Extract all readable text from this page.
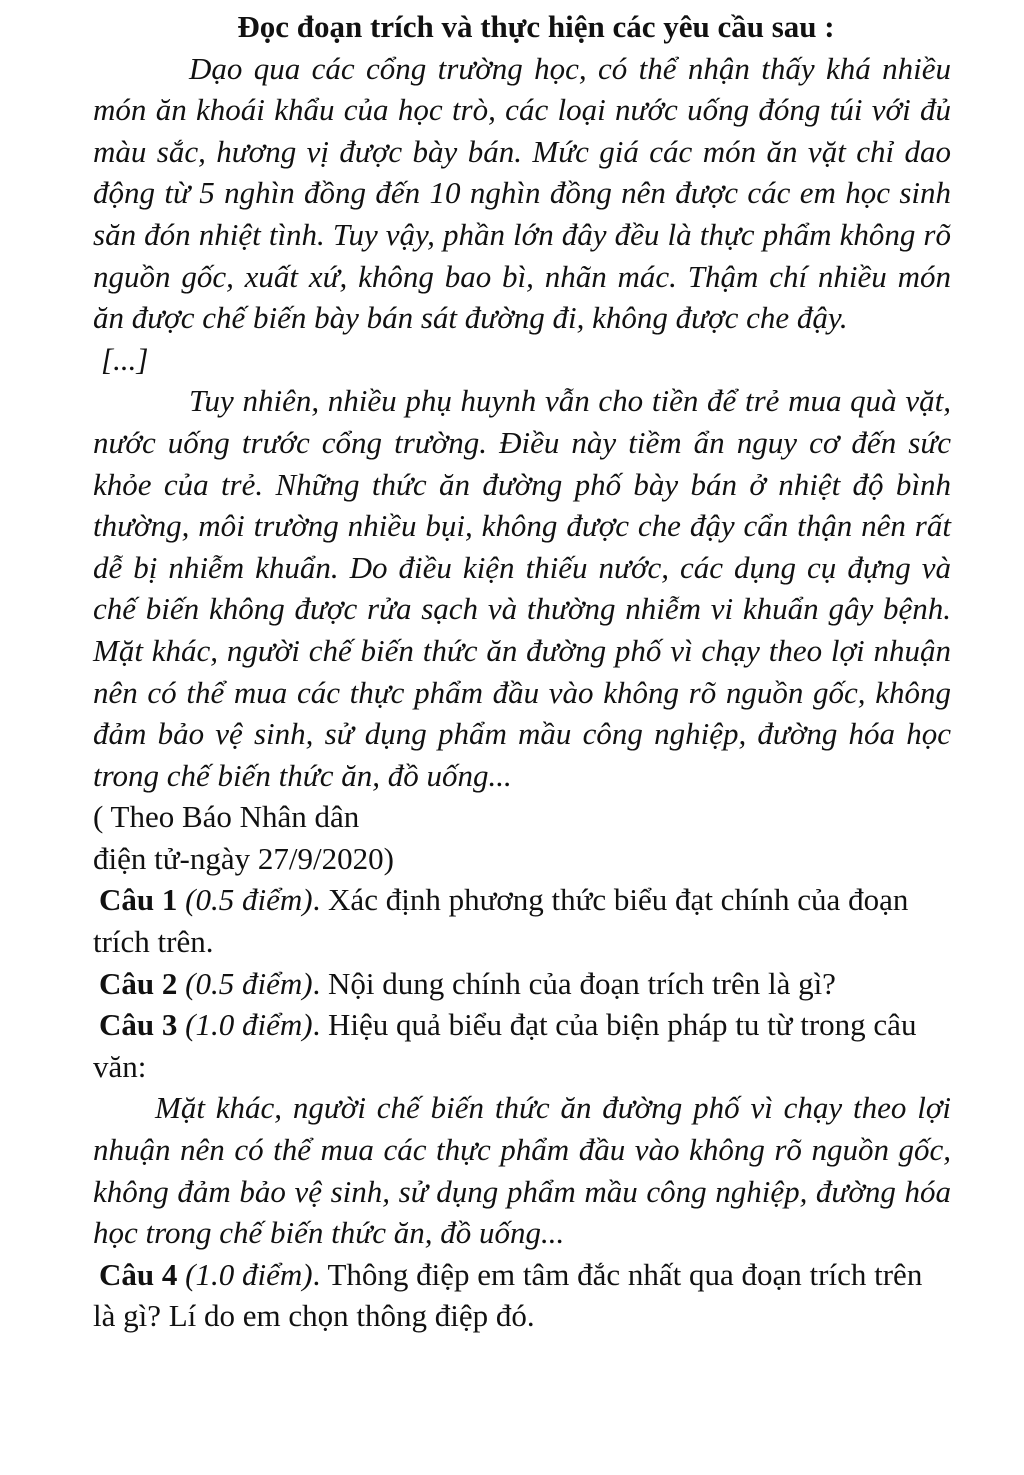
Đọc đoạn trích và thực hiện các yêu cầu sau :

Dạo qua các cổng trường học, có thể nhận thấy khá nhiều món ăn khoái khẩu của học trò, các loại nước uống đóng túi với đủ màu sắc, hương vị được bày bán. Mức giá các món ăn vặt chỉ dao động từ 5 nghìn đồng đến 10 nghìn đồng nên được các em học sinh săn đón nhiệt tình. Tuy vậy, phần lớn đây đều là thực phẩm không rõ nguồn gốc, xuất xứ, không bao bì, nhãn mác. Thậm chí nhiều món ăn được chế biến bày bán sát đường đi, không được che đậy.

[...]

Tuy nhiên, nhiều phụ huynh vẫn cho tiền để trẻ mua quà vặt, nước uống trước cổng trường. Điều này tiềm ẩn nguy cơ đến sức khỏe của trẻ. Những thức ăn đường phố bày bán ở nhiệt độ bình thường, môi trường nhiều bụi, không được che đậy cẩn thận nên rất dễ bị nhiễm khuẩn. Do điều kiện thiếu nước, các dụng cụ đựng và chế biến không được rửa sạch và thường nhiễm vi khuẩn gây bệnh. Mặt khác, người chế biến thức ăn đường phố vì chạy theo lợi nhuận nên có thể mua các thực phẩm đầu vào không rõ nguồn gốc, không đảm bảo vệ sinh, sử dụng phẩm mầu công nghiệp, đường hóa học trong chế biến thức ăn, đồ uống...

( Theo Báo Nhân dân
điện tử-ngày 27/9/2020)

Câu 1 (0.5 điểm). Xác định phương thức biểu đạt chính của đoạn trích trên.

Câu 2 (0.5 điểm). Nội dung chính của đoạn trích trên là gì?

Câu 3 (1.0 điểm). Hiệu quả biểu đạt của biện pháp tu từ trong câu văn:

Mặt khác, người chế biến thức ăn đường phố vì chạy theo lợi nhuận nên có thể mua các thực phẩm đầu vào không rõ nguồn gốc, không đảm bảo vệ sinh, sử dụng phẩm mầu công nghiệp, đường hóa học trong chế biến thức ăn, đồ uống...

Câu 4 (1.0 điểm). Thông điệp em tâm đắc nhất qua đoạn trích trên là gì? Lí do em chọn thông điệp đó.
